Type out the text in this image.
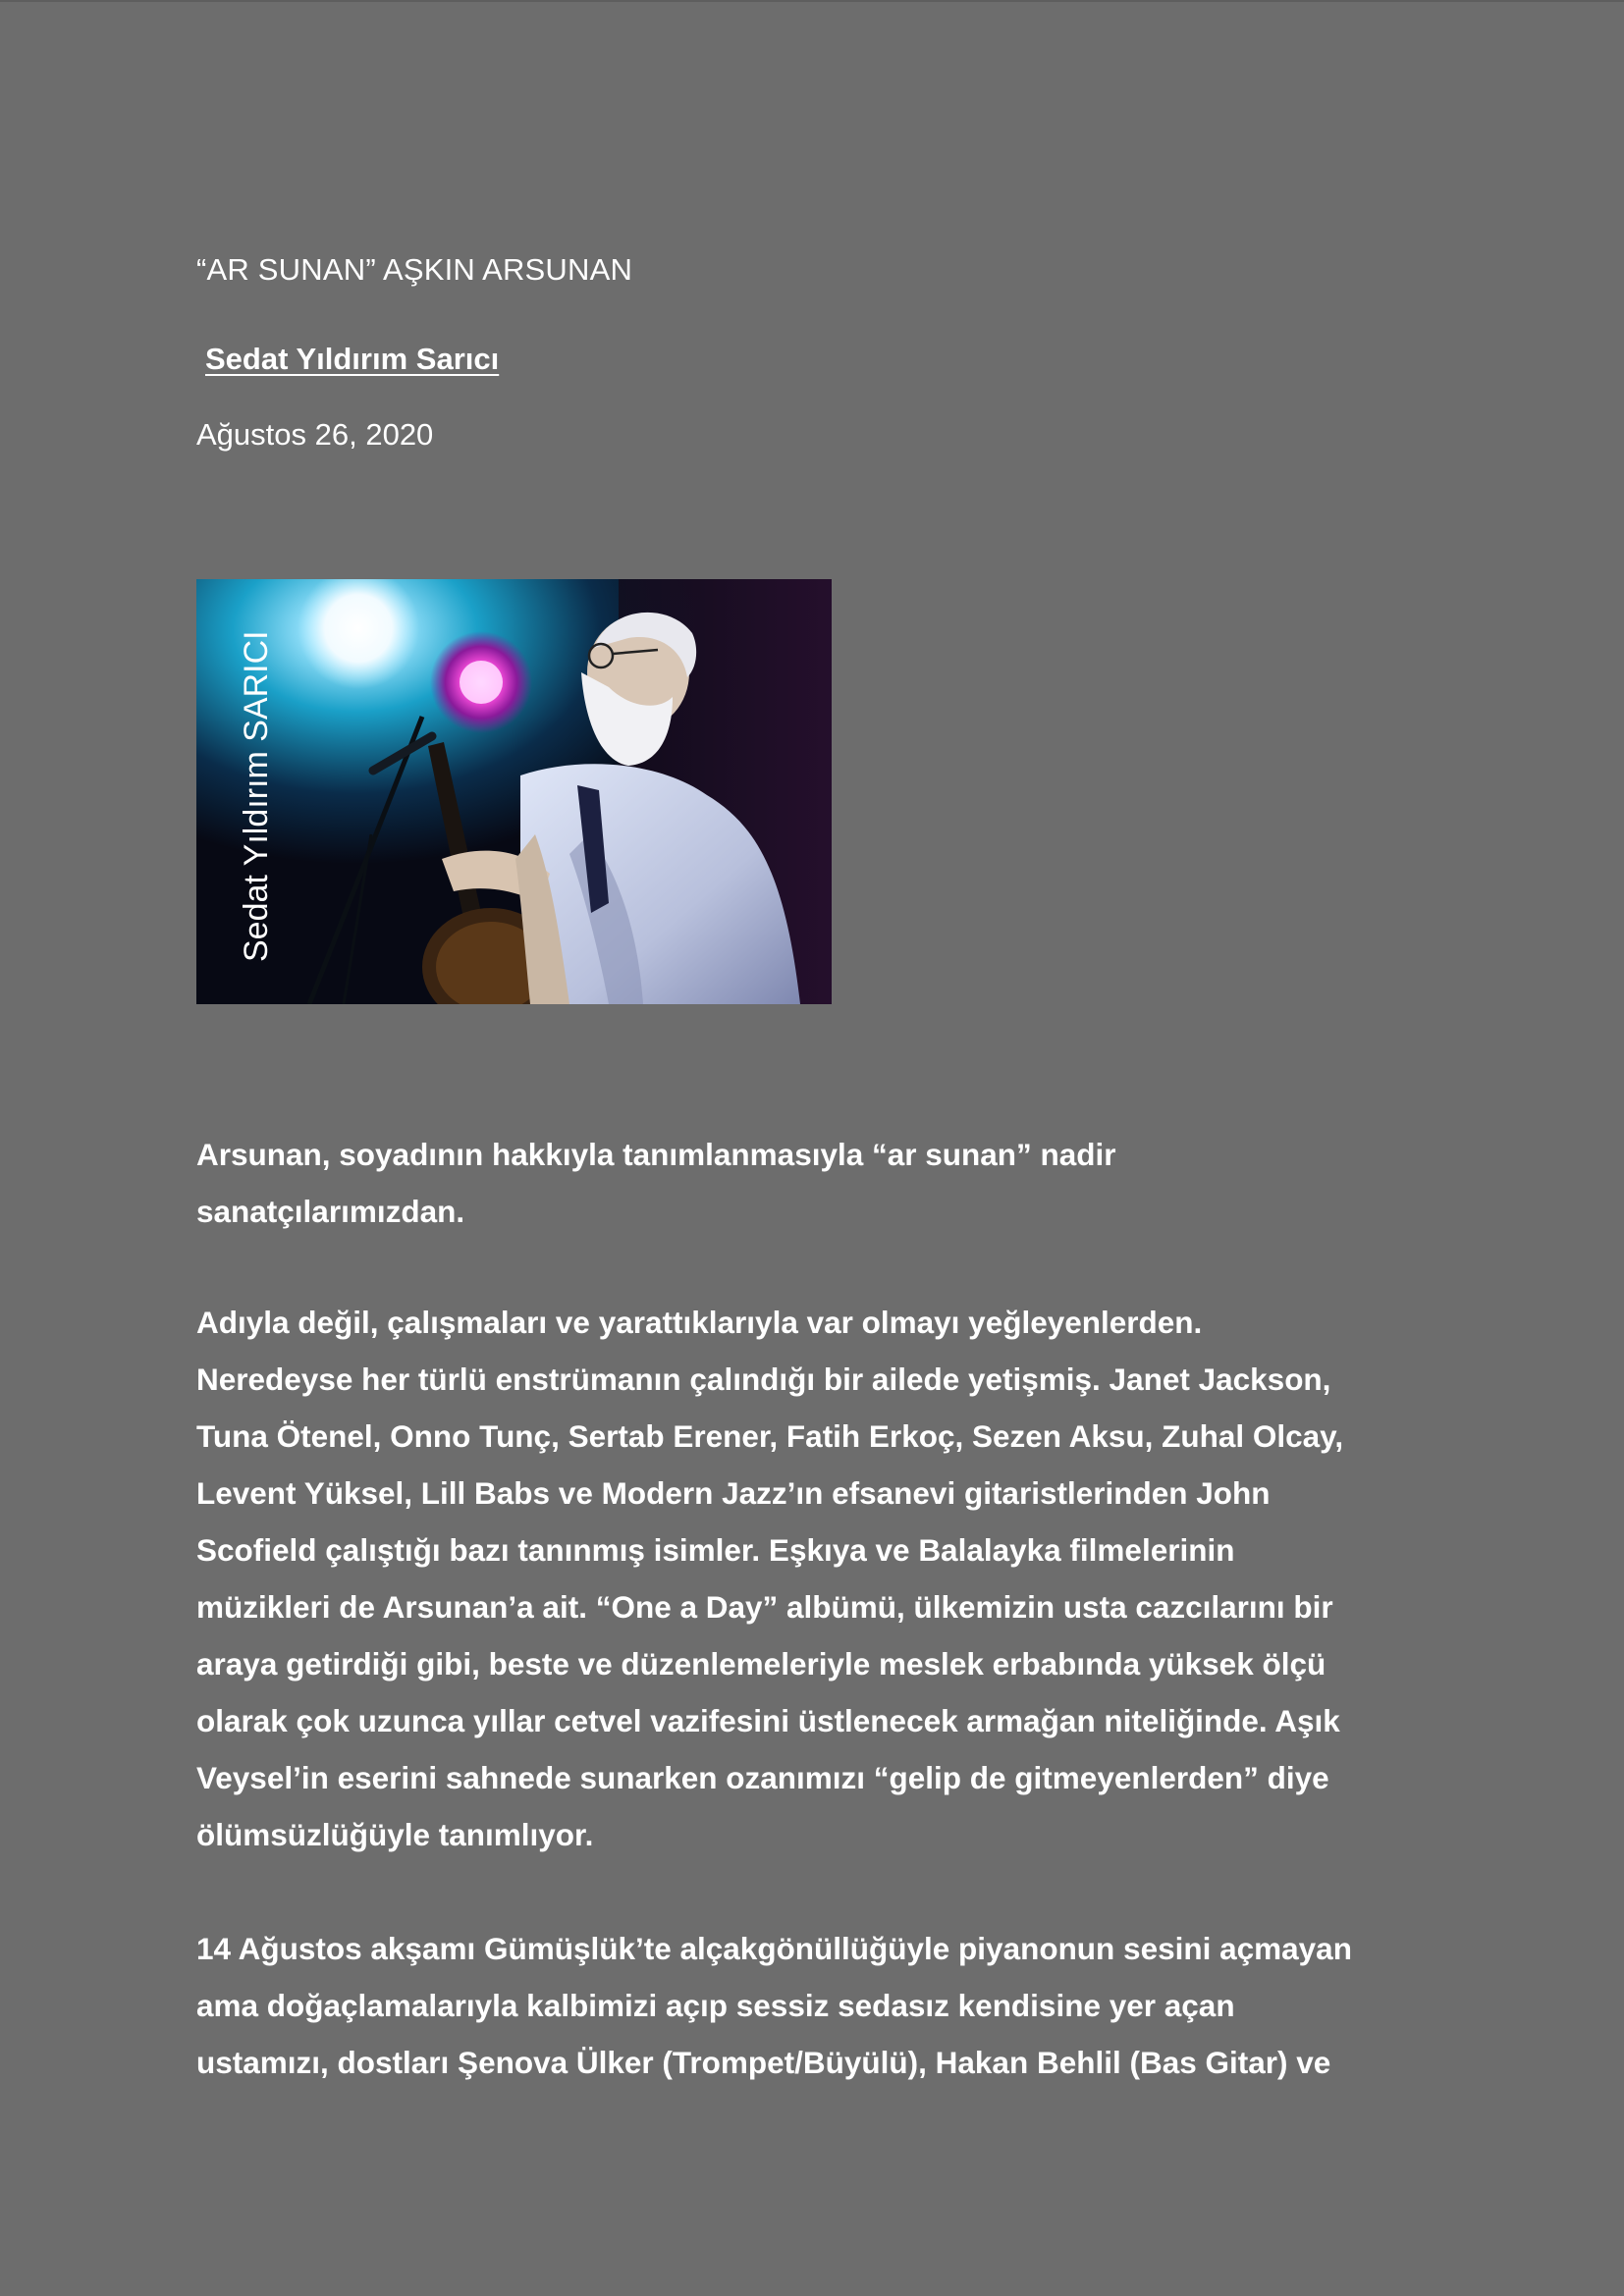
“AR SUNAN” AŞKIN ARSUNAN
Sedat Yıldırım Sarıcı
Ağustos 26, 2020
Sedat Yıldırım SARICI

Arsunan, soyadının hakkıyla tanımlanmasıyla “ar sunan” nadir
sanatçılarımızdan.

Adıyla değil, çalışmaları ve yarattıklarıyla var olmayı yeğleyenlerden.
Neredeyse her türlü enstrümanın çalındığı bir ailede yetişmiş. Janet Jackson,
Tuna Ötenel, Onno Tunç, Sertab Erener, Fatih Erkoç, Sezen Aksu, Zuhal Olcay,
Levent Yüksel, Lill Babs ve Modern Jazz’ın efsanevi gitaristlerinden John
Scofield çalıştığı bazı tanınmış isimler. Eşkıya ve Balalayka filmelerinin
müzikleri de Arsunan’a ait. “One a Day” albümü, ülkemizin usta cazcılarını bir
araya getirdiği gibi, beste ve düzenlemeleriyle meslek erbabında yüksek ölçü
olarak çok uzunca yıllar cetvel vazifesini üstlenecek armağan niteliğinde. Aşık
Veysel’in eserini sahnede sunarken ozanımızı “gelip de gitmeyenlerden” diye
ölümsüzlüğüyle tanımlıyor.

14 Ağustos akşamı Gümüşlük’te alçakgönüllüğüyle piyanonun sesini açmayan
ama doğaçlamalarıyla kalbimizi açıp sessiz sedasız kendisine yer açan
ustamızı, dostları Şenova Ülker (Trompet/Büyülü), Hakan Behlil (Bas Gitar) ve
